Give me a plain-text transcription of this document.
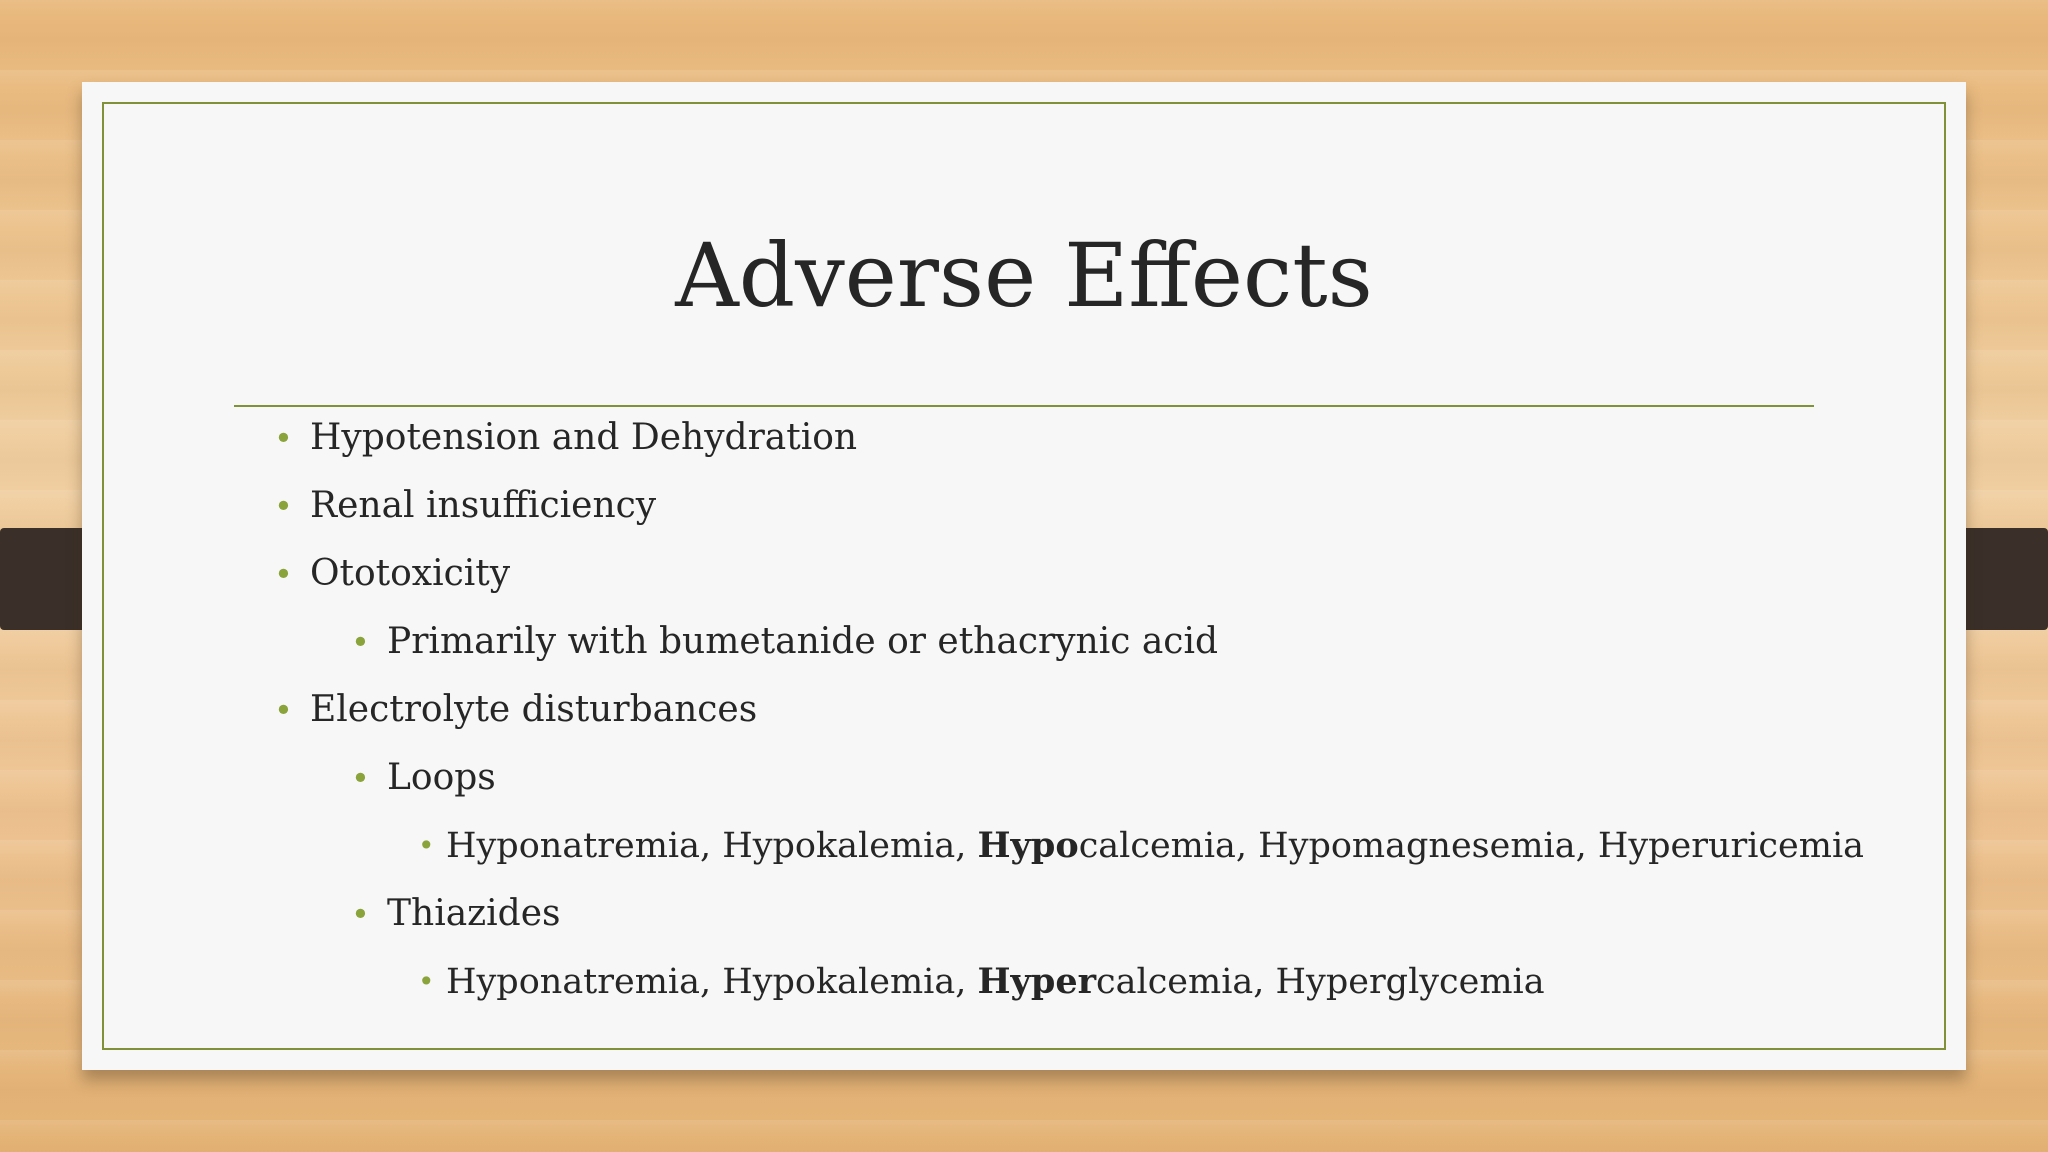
Adverse Effects
• Hypotension and Dehydration
• Renal insufficiency
• Ototoxicity
• Primarily with bumetanide or ethacrynic acid
• Electrolyte disturbances
• Loops
• Hyponatremia, Hypokalemia, Hypocalcemia, Hypomagnesemia, Hyperuricemia
• Thiazides
• Hyponatremia, Hypokalemia, Hypercalcemia, Hyperglycemia
